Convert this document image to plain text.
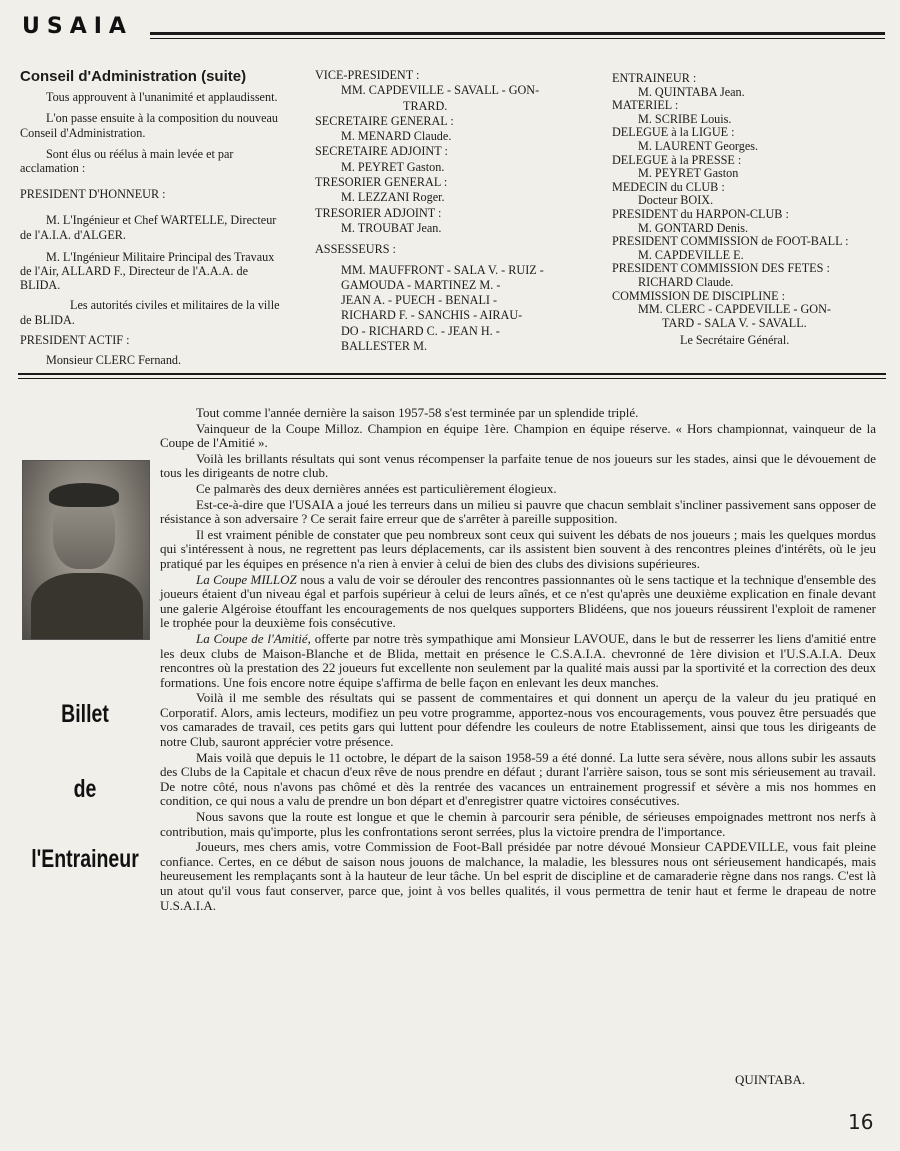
USAIA

Conseil d'Administration (suite)

Tous approuvent à l'unanimité et applaudissent.

L'on passe ensuite à la composition du nouveau Conseil d'Administration.

Sont élus ou réélus à main levée et par acclamation :

PRESIDENT D'HONNEUR :

M. L'Ingénieur et Chef WARTELLE, Directeur de l'A.I.A. d'ALGER.

M. L'Ingénieur Militaire Principal des Travaux de l'Air, ALLARD F., Directeur de l'A.A.A. de BLIDA.

Les autorités civiles et militaires de la ville de BLIDA.

PRESIDENT ACTIF :

Monsieur CLERC Fernand.

VICE-PRESIDENT :

MM. CAPDEVILLE - SAVALL - GON-

TRARD.

SECRETAIRE GENERAL :

M. MENARD Claude.

SECRETAIRE ADJOINT :

M. PEYRET Gaston.

TRESORIER GENERAL :

M. LEZZANI Roger.

TRESORIER ADJOINT :

M. TROUBAT Jean.

ASSESSEURS :

MM. MAUFFRONT - SALA V. - RUIZ -

GAMOUDA - MARTINEZ M. -

JEAN A. - PUECH - BENALI -

RICHARD F. - SANCHIS - AIRAU-

DO - RICHARD C. - JEAN H. -

BALLESTER M.

ENTRAINEUR :

M. QUINTABA Jean.

MATERIEL :

M. SCRIBE Louis.

DELEGUE à la LIGUE :

M. LAURENT Georges.

DELEGUE à la PRESSE :

M. PEYRET Gaston

MEDECIN du CLUB :

Docteur BOIX.

PRESIDENT du HARPON-CLUB :

M. GONTARD Denis.

PRESIDENT COMMISSION de FOOT-BALL :

M. CAPDEVILLE E.

PRESIDENT COMMISSION DES FETES :

RICHARD Claude.

COMMISSION DE DISCIPLINE :

MM. CLERC - CAPDEVILLE - GON-

TARD - SALA V. - SAVALL.

Le Secrétaire Général.

Billet
de
l'Entraineur

Tout comme l'année dernière la saison 1957-58 s'est terminée par un splendide triplé.

Vainqueur de la Coupe Milloz. Champion en équipe 1ère. Champion en équipe réserve. « Hors championnat, vainqueur de la Coupe de l'Amitié ».

Voilà les brillants résultats qui sont venus récompenser la parfaite tenue de nos joueurs sur les stades, ainsi que le dévouement de tous les dirigeants de notre club.

Ce palmarès des deux dernières années est particulièrement élogieux.

Est-ce-à-dire que l'USAIA a joué les terreurs dans un milieu si pauvre que chacun semblait s'incliner passivement sans opposer de résistance à son adversaire ? Ce serait faire erreur que de s'arrêter à pareille supposition.

Il est vraiment pénible de constater que peu nombreux sont ceux qui suivent les débats de nos joueurs ; mais les quelques mordus qui s'intéressent à nous, ne regrettent pas leurs déplacements, car ils assistent bien souvent à des rencontres pleines d'intérêts, où le jeu pratiqué par les équipes en présence n'a rien à envier à celui de bien des clubs des divisions supérieures.

La Coupe MILLOZ nous a valu de voir se dérouler des rencontres passionnantes où le sens tactique et la technique d'ensemble des joueurs étaient d'un niveau égal et parfois supérieur à celui de leurs aînés, et ce n'est qu'après une deuxième explication en finale devant une galerie Algéroise étouffant les encouragements de nos quelques supporters Blidéens, que nos joueurs réussirent l'exploit de ramener le trophée pour la deuxième fois consécutive.

La Coupe de l'Amitié, offerte par notre très sympathique ami Monsieur LAVOUE, dans le but de resserrer les liens d'amitié entre les deux clubs de Maison-Blanche et de Blida, mettait en présence le C.S.A.I.A. chevronné de 1ère division et l'U.S.A.I.A. Deux rencontres où la prestation des 22 joueurs fut excellente non seulement par la qualité mais aussi par la sportivité et la correction des deux formations. Une fois encore notre équipe s'affirma de belle façon en enlevant les deux manches.

Voilà il me semble des résultats qui se passent de commentaires et qui donnent un aperçu de la valeur du jeu pratiqué en Corporatif. Alors, amis lecteurs, modifiez un peu votre programme, apportez-nous vos encouragements, vous pouvez être persuadés que vos camarades de travail, ces petits gars qui luttent pour défendre les couleurs de notre Etablissement, ainsi que tous les dirigeants de notre Club, sauront apprécier votre présence.

Mais voilà que depuis le 11 octobre, le départ de la saison 1958-59 a été donné. La lutte sera sévère, nous allons subir les assauts des Clubs de la Capitale et chacun d'eux rêve de nous prendre en défaut ; durant l'arrière saison, tous se sont mis sérieusement au travail. De notre côté, nous n'avons pas chômé et dès la rentrée des vacances un entrainement progressif et sévère a mis nos hommes en condition, ce qui nous a valu de prendre un bon départ et d'enregistrer quatre victoires consécutives.

Nous savons que la route est longue et que le chemin à parcourir sera pénible, de sérieuses empoignades mettront nos nerfs à contribution, mais qu'importe, plus les confrontations seront serrées, plus la victoire prendra de l'importance.

Joueurs, mes chers amis, votre Commission de Foot-Ball présidée par notre dévoué Monsieur CAPDEVILLE, vous fait pleine confiance. Certes, en ce début de saison nous jouons de malchance, la maladie, les blessures nous ont sérieusement handicapés, mais heureusement les remplaçants sont à la hauteur de leur tâche. Un bel esprit de discipline et de camaraderie règne dans nos rangs. C'est là un atout qu'il vous faut conserver, parce que, joint à vos belles qualités, il vous permettra de tenir haut et ferme le drapeau de notre U.S.A.I.A.

QUINTABA.
16
